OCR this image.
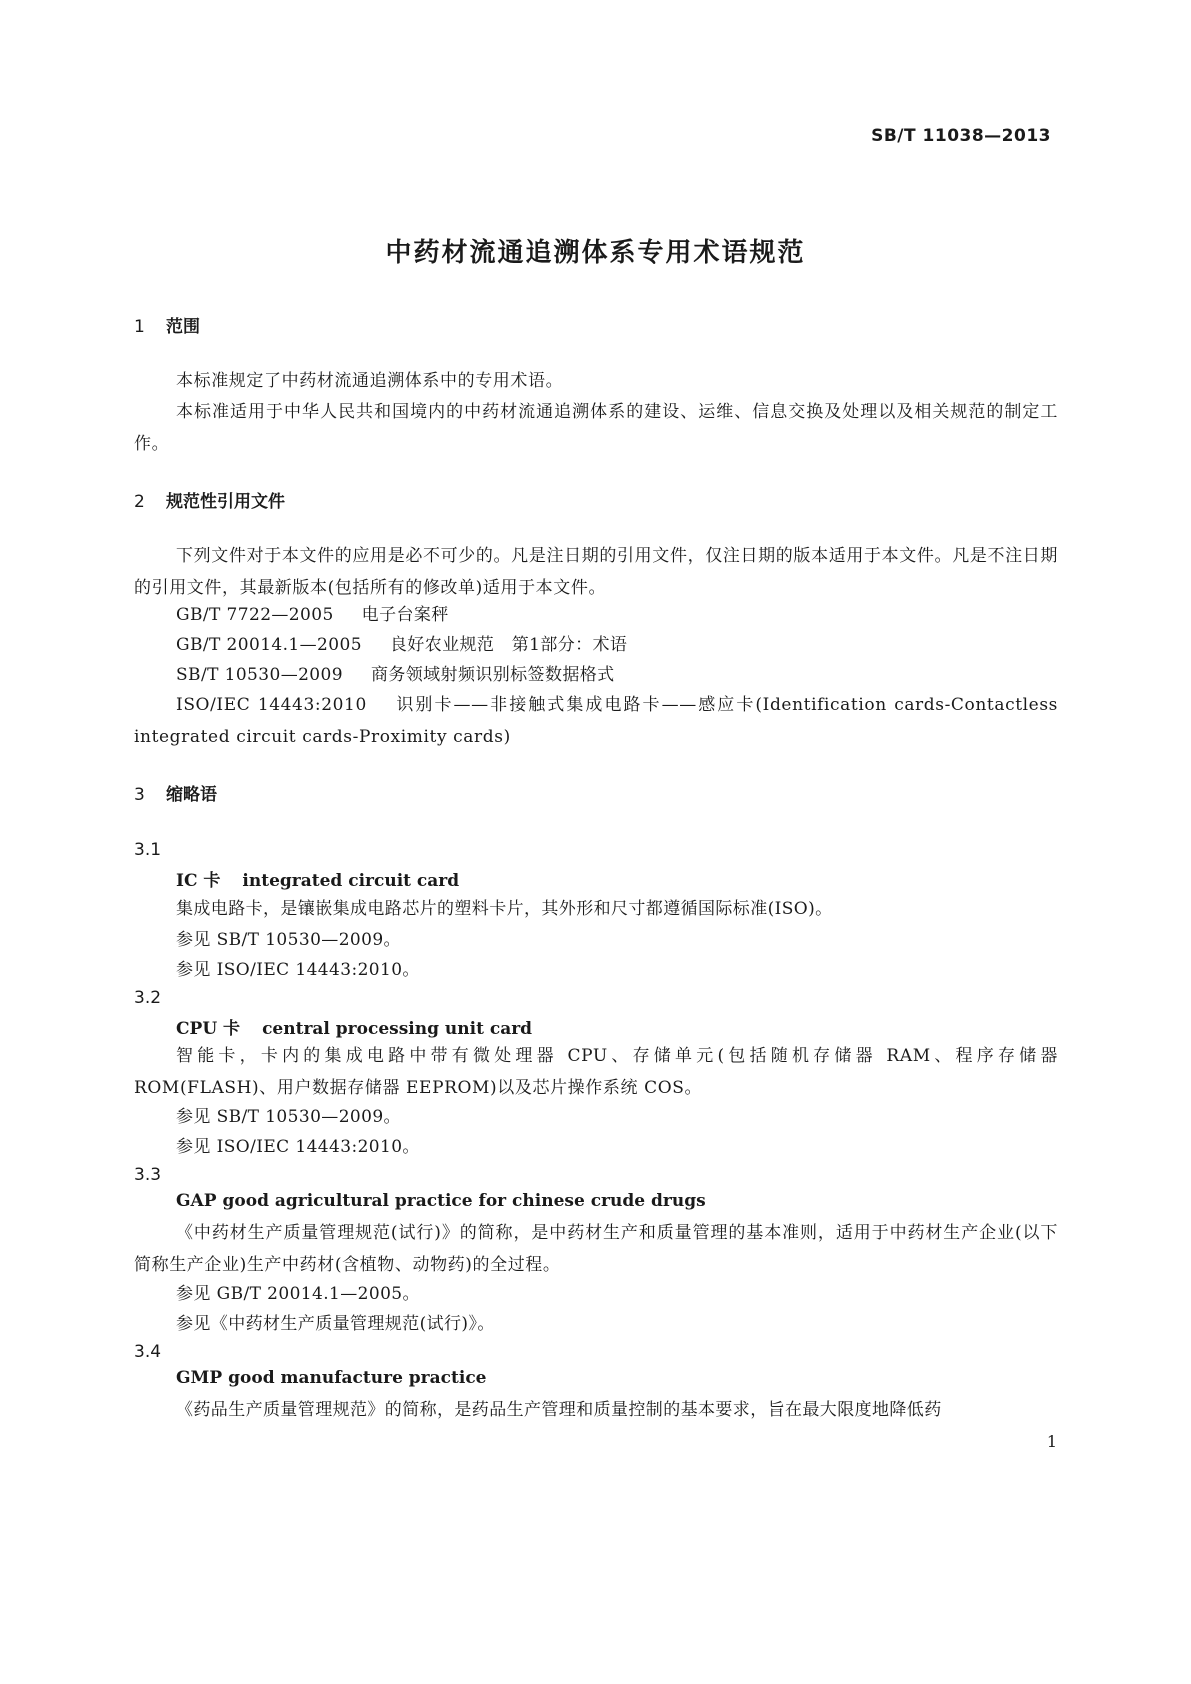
SB/T 11038—2013
中药材流通追溯体系专用术语规范
1 范围
本标准规定了中药材流通追溯体系中的专用术语。
本标准适用于中华人民共和国境内的中药材流通追溯体系的建设、运维、信息交换及处理以及相关规范的制定工作。
2 规范性引用文件
下列文件对于本文件的应用是必不可少的。凡是注日期的引用文件，仅注日期的版本适用于本文件。凡是不注日期的引用文件，其最新版本(包括所有的修改单)适用于本文件。
GB/T 7722—2005 电子台案秤
GB/T 20014.1—2005 良好农业规范　第1部分：术语
SB/T 10530—2009 商务领域射频识别标签数据格式
ISO/IEC 14443:2010 识别卡——非接触式集成电路卡——感应卡(Identification cards-Contactless integrated circuit cards-Proximity cards)
3 缩略语
3.1
IC 卡 integrated circuit card
集成电路卡，是镶嵌集成电路芯片的塑料卡片，其外形和尺寸都遵循国际标准(ISO)。
参见 SB/T 10530—2009。
参见 ISO/IEC 14443:2010。
3.2
CPU 卡 central processing unit card
智能卡，卡内的集成电路中带有微处理器 CPU、存储单元(包括随机存储器 RAM、程序存储器 ROM(FLASH)、用户数据存储器 EEPROM)以及芯片操作系统 COS。
参见 SB/T 10530—2009。
参见 ISO/IEC 14443:2010。
3.3
GAP good agricultural practice for chinese crude drugs
《中药材生产质量管理规范(试行)》的简称，是中药材生产和质量管理的基本准则，适用于中药材生产企业(以下简称生产企业)生产中药材(含植物、动物药)的全过程。
参见 GB/T 20014.1—2005。
参见《中药材生产质量管理规范(试行)》。
3.4
GMP good manufacture practice
《药品生产质量管理规范》的简称，是药品生产管理和质量控制的基本要求，旨在最大限度地降低药
1
